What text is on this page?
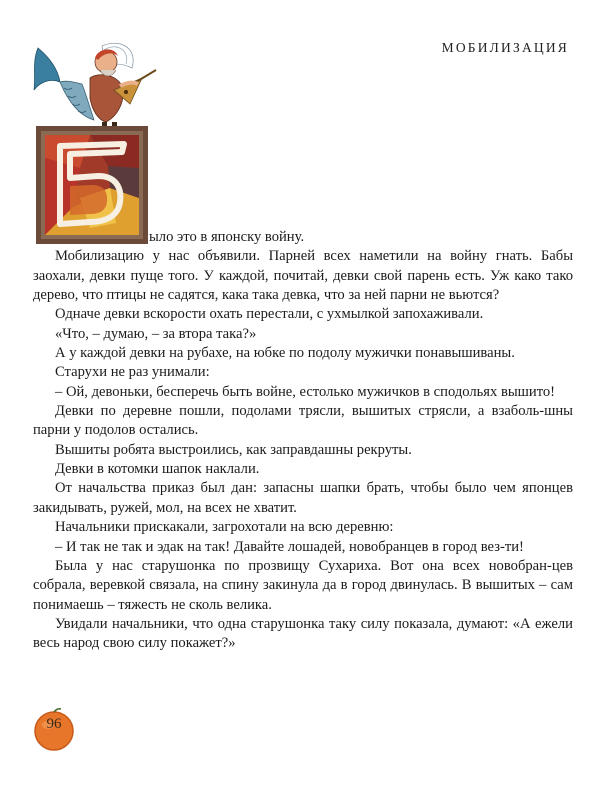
МОБИЛИЗАЦИЯ

ыло это в японску войну.

Мобилизацию у нас объявили. Парней всех наметили на войну гнать. Бабы заохали, девки пуще того. У каждой, почитай, девки свой парень есть. Уж како тако дерево, что птицы не садятся, кака така девка, что за ней парни не вьются?

Одначе девки вскорости охать перестали, с ухмылкой запохаживали.

«Что, – думаю, – за втора така?»

А у каждой девки на рубахе, на юбке по подолу мужички понавышиваны.

Старухи не раз унимали:

– Ой, девоньки, бесперечь быть войне, естолько мужичков в сподольях вышито!

Девки по деревне пошли, подолами трясли, вышитых стрясли, а взаболь-шны парни у подолов остались.

Вышиты робята выстроились, как заправдашны рекруты.

Девки в котомки шапок наклали.

От начальства приказ был дан: запасны шапки брать, чтобы было чем японцев закидывать, ружей, мол, на всех не хватит.

Начальники прискакали, загрохотали на всю деревню:

– И так не так и эдак на так! Давайте лошадей, новобранцев в город вез-ти!

Была у нас старушонка по прозвищу Сухариха. Вот она всех новобран-цев собрала, веревкой связала, на спину закинула да в город двинулась. В вышитых – сам понимаешь – тяжесть не сколь велика.

Увидали начальники, что одна старушонка таку силу показала, думают: «А ежели весь народ свою силу покажет?»

96
